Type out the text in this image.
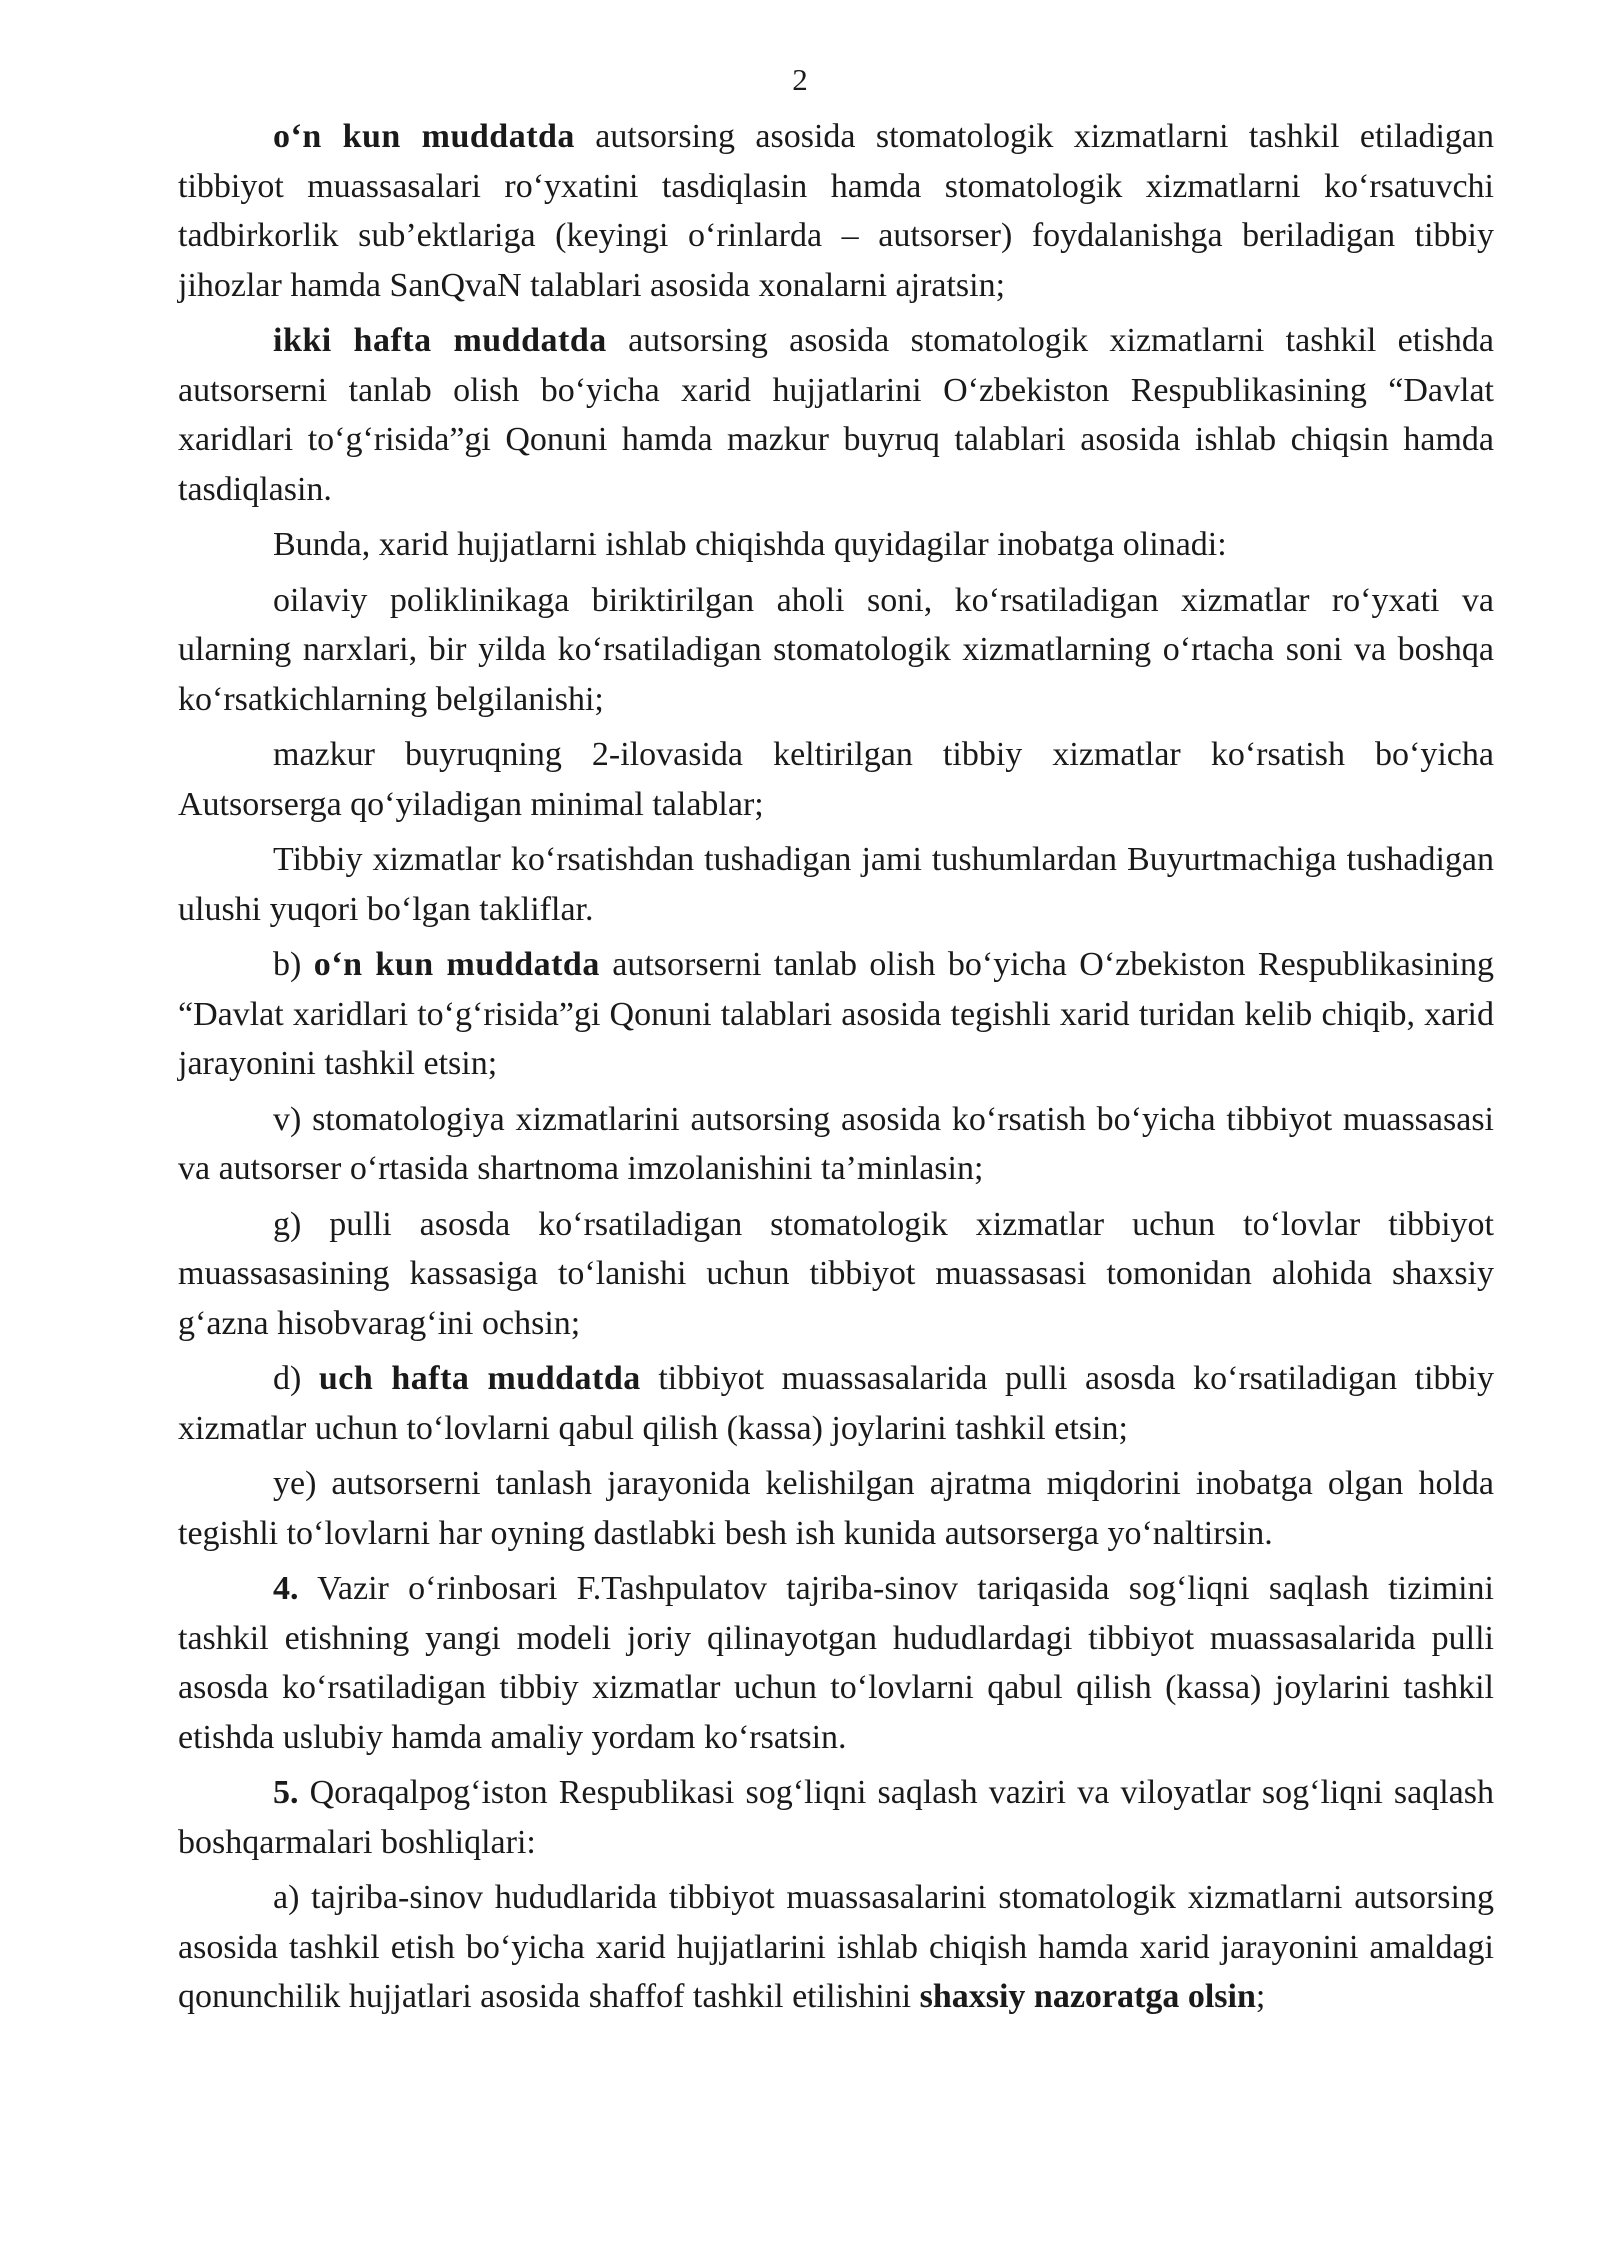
2

o‘n kun muddatda autsorsing asosida stomatologik xizmatlarni tashkil etiladigan tibbiyot muassasalari ro‘yxatini tasdiqlasin hamda stomatologik xizmatlarni ko‘rsatuvchi tadbirkorlik sub’ektlariga (keyingi o‘rinlarda – autsorser) foydalanishga beriladigan tibbiy jihozlar hamda SanQvaN talablari asosida xonalarni ajratsin;

ikki hafta muddatda autsorsing asosida stomatologik xizmatlarni tashkil etishda autsorserni tanlab olish bo‘yicha xarid hujjatlarini O‘zbekiston Respublikasining “Davlat xaridlari to‘g‘risida”gi Qonuni hamda mazkur buyruq talablari asosida ishlab chiqsin hamda tasdiqlasin.

Bunda, xarid hujjatlarni ishlab chiqishda quyidagilar inobatga olinadi:

oilaviy poliklinikaga biriktirilgan aholi soni, ko‘rsatiladigan xizmatlar ro‘yxati va ularning narxlari, bir yilda ko‘rsatiladigan stomatologik xizmatlarning o‘rtacha soni va boshqa ko‘rsatkichlarning belgilanishi;

mazkur buyruqning 2-ilovasida keltirilgan tibbiy xizmatlar ko‘rsatish bo‘yicha Autsorserga qo‘yiladigan minimal talablar;

Tibbiy xizmatlar ko‘rsatishdan tushadigan jami tushumlardan Buyurtmachiga tushadigan ulushi yuqori bo‘lgan takliflar.

b) o‘n kun muddatda autsorserni tanlab olish bo‘yicha O‘zbekiston Respublikasining “Davlat xaridlari to‘g‘risida”gi Qonuni talablari asosida tegishli xarid turidan kelib chiqib, xarid jarayonini tashkil etsin;

v) stomatologiya xizmatlarini autsorsing asosida ko‘rsatish bo‘yicha tibbiyot muassasasi va autsorser o‘rtasida shartnoma imzolanishini ta’minlasin;

g) pulli asosda ko‘rsatiladigan stomatologik xizmatlar uchun to‘lovlar tibbiyot muassasasining kassasiga to‘lanishi uchun tibbiyot muassasasi tomonidan alohida shaxsiy g‘azna hisobvarag‘ini ochsin;

d) uch hafta muddatda tibbiyot muassasalarida pulli asosda ko‘rsatiladigan tibbiy xizmatlar uchun to‘lovlarni qabul qilish (kassa) joylarini tashkil etsin;

ye) autsorserni tanlash jarayonida kelishilgan ajratma miqdorini inobatga olgan holda tegishli to‘lovlarni har oyning dastlabki besh ish kunida autsorserga yo‘naltirsin.

4. Vazir o‘rinbosari F.Tashpulatov tajriba-sinov tariqasida sog‘liqni saqlash tizimini tashkil etishning yangi modeli joriy qilinayotgan hududlardagi tibbiyot muassasalarida pulli asosda ko‘rsatiladigan tibbiy xizmatlar uchun to‘lovlarni qabul qilish (kassa) joylarini tashkil etishda uslubiy hamda amaliy yordam ko‘rsatsin.

5. Qoraqalpog‘iston Respublikasi sog‘liqni saqlash vaziri va viloyatlar sog‘liqni saqlash boshqarmalari boshliqlari:

a) tajriba-sinov hududlarida tibbiyot muassasalarini stomatologik xizmatlarni autsorsing asosida tashkil etish bo‘yicha xarid hujjatlarini ishlab chiqish hamda xarid jarayonini amaldagi qonunchilik hujjatlari asosida shaffof tashkil etilishini shaxsiy nazoratga olsin;
